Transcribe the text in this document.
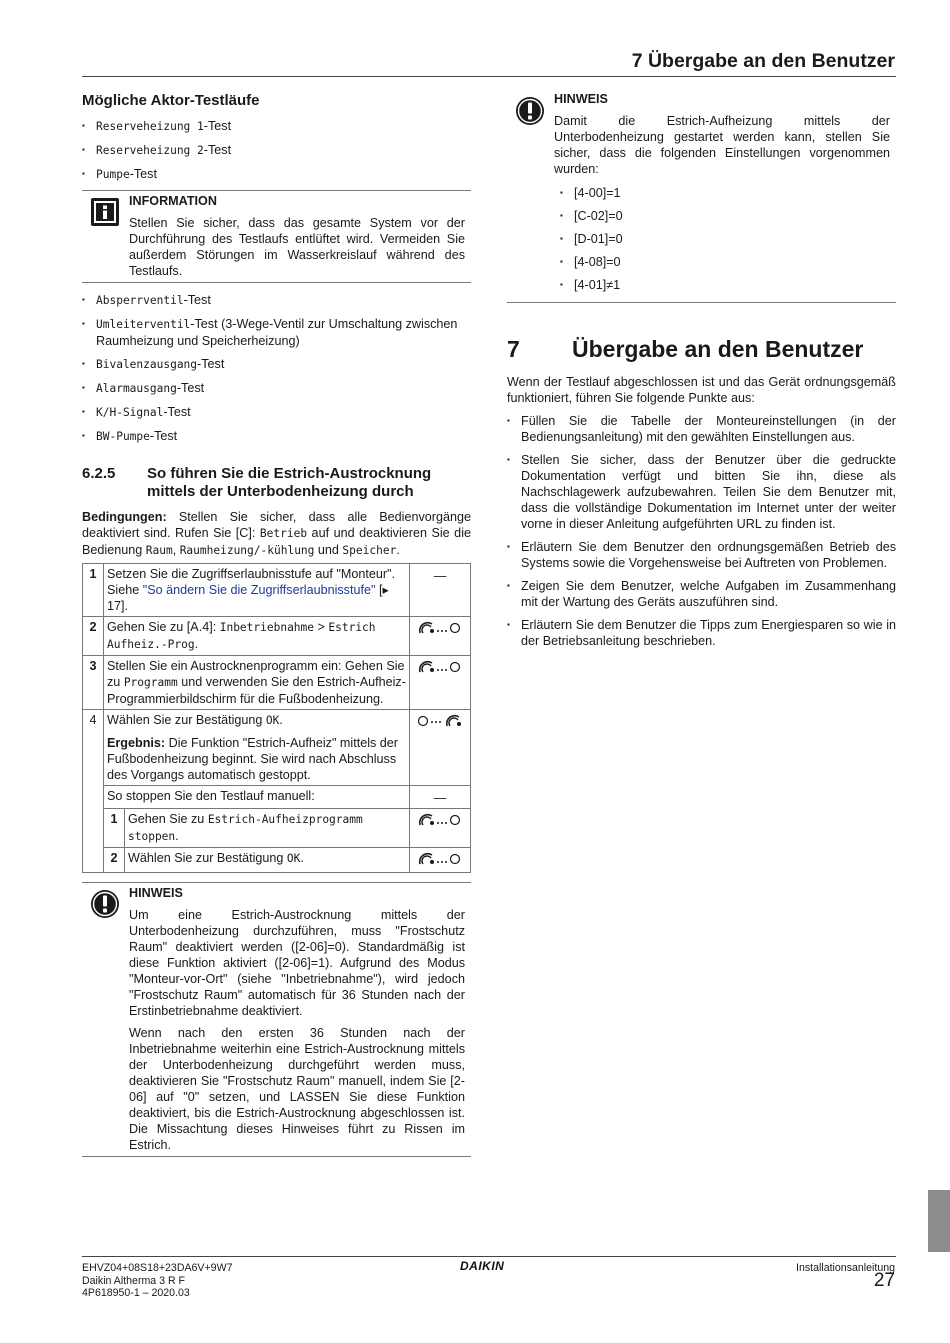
7 Übergabe an den Benutzer
Mögliche Aktor-Testläufe
▪ Reserveheizung 1-Test
▪ Reserveheizung 2-Test
▪ Pumpe-Test
INFORMATION
Stellen Sie sicher, dass das gesamte System vor der Durchführung des Testlaufs entlüftet wird. Vermeiden Sie außerdem Störungen im Wasserkreislauf während des Testlaufs.
▪ Absperrventil-Test
▪ Umleiterventil-Test (3-Wege-Ventil zur Umschaltung zwischen Raumheizung und Speicherheizung)
▪ Bivalenzausgang-Test
▪ Alarmausgang-Test
▪ K/H-Signal-Test
▪ BW-Pumpe-Test
6.2.5	So führen Sie die Estrich-Austrocknung mittels der Unterbodenheizung durch
Bedingungen: Stellen Sie sicher, dass alle Bedienvorgänge deaktiviert sind. Rufen Sie [C]: Betrieb auf und deaktivieren Sie die Bedienung Raum, Raumheizung/-kühlung und Speicher.
1	Setzen Sie die Zugriffserlaubnisstufe auf "Monteur". Siehe "So ändern Sie die Zugriffserlaubnisstufe" [▸ 17].		—
2	Gehen Sie zu [A.4]: Inbetriebnahme > Estrich Aufheiz.-Prog.	
3	Stellen Sie ein Austrocknenprogramm ein: Gehen Sie zu Programm und verwenden Sie den Estrich-Aufheiz-Programmierbildschirm für die Fußbodenheizung.	
4	Wählen Sie zur Bestätigung OK.
Ergebnis: Die Funktion "Estrich-Aufheiz" mittels der Fußbodenheizung beginnt. Sie wird nach Abschluss des Vorgangs automatisch gestoppt.

	So stoppen Sie den Testlauf manuell:		—
	1	Gehen Sie zu Estrich-Aufheizprogramm stoppen.	
	2	Wählen Sie zur Bestätigung OK.	
HINWEIS
Um eine Estrich-Austrocknung mittels der Unterbodenheizung durchzuführen, muss "Frostschutz Raum" deaktiviert werden ([2-06]=0). Standardmäßig ist diese Funktion aktiviert ([2-06]=1). Aufgrund des Modus "Monteur-vor-Ort" (siehe "Inbetriebnahme"), wird jedoch "Frostschutz Raum" automatisch für 36 Stunden nach der Erstinbetriebnahme deaktiviert.
Wenn nach den ersten 36 Stunden nach der Inbetriebnahme weiterhin eine Estrich-Austrocknung mittels der Unterbodenheizung durchgeführt werden muss, deaktivieren Sie "Frostschutz Raum" manuell, indem Sie [2-06] auf "0" setzen, und LASSEN Sie diese Funktion deaktiviert, bis die Estrich-Austrocknung abgeschlossen ist. Die Missachtung dieses Hinweises führt zu Rissen im Estrich.
HINWEIS
Damit die Estrich-Aufheizung mittels der Unterbodenheizung gestartet werden kann, stellen Sie sicher, dass die folgenden Einstellungen vorgenommen wurden:
▪ [4-00]=1
▪ [C-02]=0
▪ [D-01]=0
▪ [4-08]=0
▪ [4-01]≠1
7	Übergabe an den Benutzer
Wenn der Testlauf abgeschlossen ist und das Gerät ordnungsgemäß funktioniert, führen Sie folgende Punkte aus:
▪ Füllen Sie die Tabelle der Monteureinstellungen (in der Bedienungsanleitung) mit den gewählten Einstellungen aus.
▪ Stellen Sie sicher, dass der Benutzer über die gedruckte Dokumentation verfügt und bitten Sie ihn, diese als Nachschlagewerk aufzubewahren. Teilen Sie dem Benutzer mit, dass die vollständige Dokumentation im Internet unter der weiter vorne in dieser Anleitung aufgeführten URL zu finden ist.
▪ Erläutern Sie dem Benutzer den ordnungsgemäßen Betrieb des Systems sowie die Vorgehensweise bei Auftreten von Problemen.
▪ Zeigen Sie dem Benutzer, welche Aufgaben im Zusammenhang mit der Wartung des Geräts auszuführen sind.
▪ Erläutern Sie dem Benutzer die Tipps zum Energiesparen so wie in der Betriebsanleitung beschrieben.
EHVZ04+08S18+23DA6V+9W7
Daikin Altherma 3 R F
4P618950-1 – 2020.03
DAIKIN	Installationsanleitung
27
